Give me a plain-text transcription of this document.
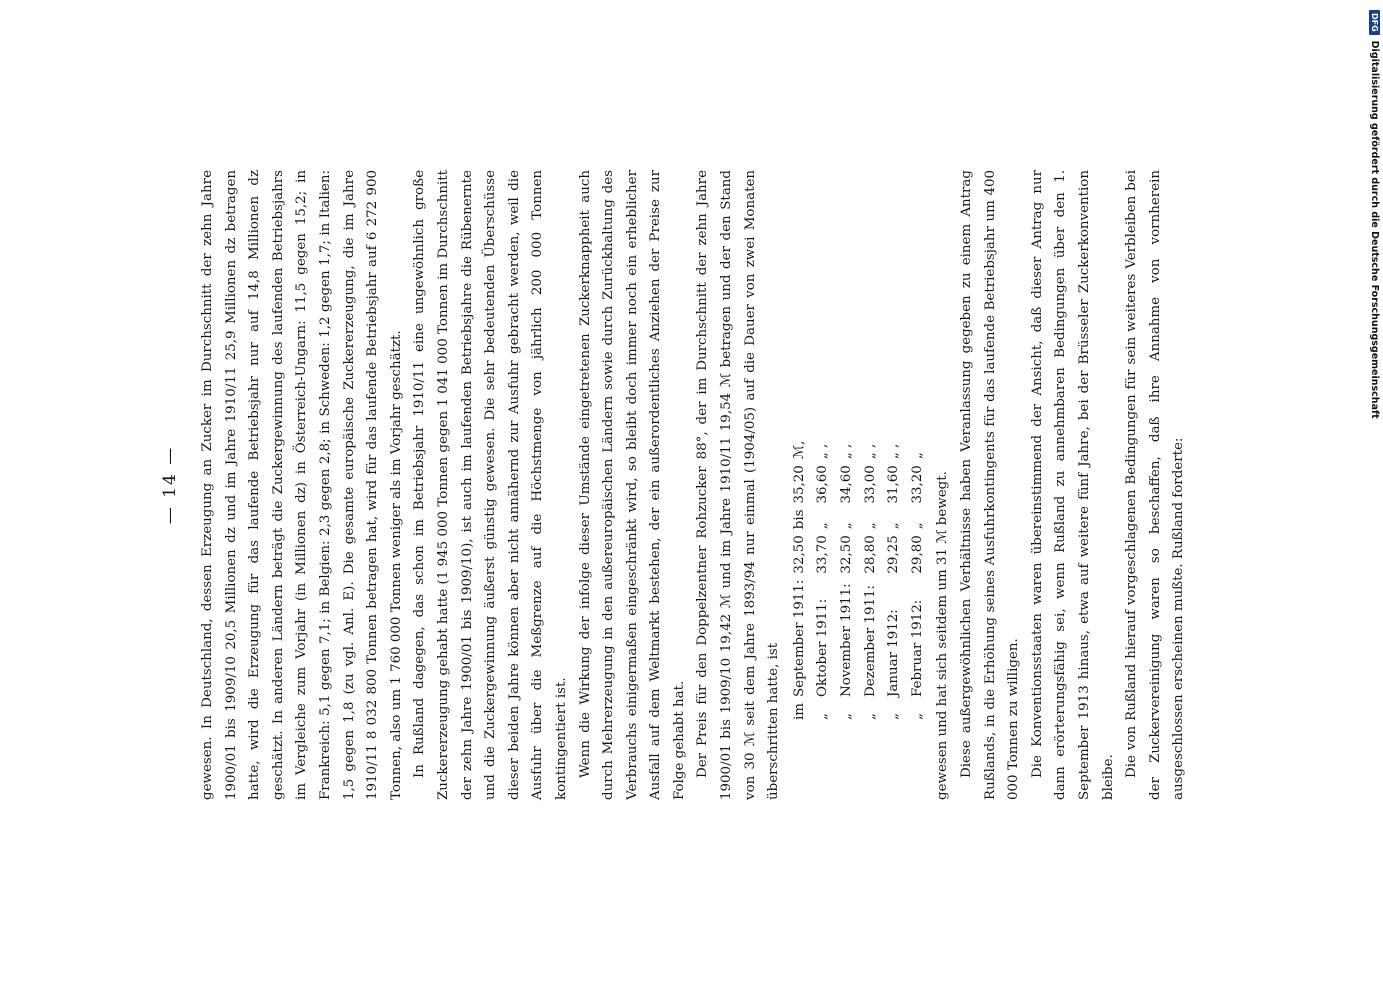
— 14 — gewesen. In Deutschland, dessen Erzeugung an Zucker im Durchschnitt der zehn Jahre 1900/01 bis 1909/10 20,5 Millionen dz und im Jahre 1910/11 25,9 Millionen dz betragen hatte, wird die Erzeugung für das laufende Betriebsjahr nur auf 14,8 Millionen dz geschätzt. In anderen Ländern beträgt die Zuckergewinnung des laufenden Betriebsjahrs im Vergleiche zum Vorjahr (in Millionen dz) in Österreich-Ungarn: 11,5 gegen 15,2; in Frankreich: 5,1 gegen 7,1; in Belgien: 2,3 gegen 2,8; in Schweden: 1,2 gegen 1,7; in Italien: 1,5 gegen 1,8 (zu vgl. Anl. E). Die gesamte europäische Zuckererzeugung, die im Jahre 1910/11 8 032 800 Tonnen betragen hat, wird für das laufende Betriebsjahr auf 6 272 900 Tonnen, also um 1 760 000 Tonnen weniger als im Vorjahr geschätzt. In Rußland dagegen, das schon im Betriebsjahr 1910/11 eine ungewöhnlich große Zuckererzeugung gehabt hatte (1 945 000 Tonnen gegen 1 041 000 Tonnen im Durchschnitt der zehn Jahre 1900/01 bis 1909/10), ist auch im laufenden Betriebsjahre die Rübenernte und die Zuckergewinnung äußerst günstig gewesen. Die sehr bedeutenden Überschüsse dieser beiden Jahre können aber nicht annähernd zur Ausfuhr gebracht werden, weil die Ausfuhr über die Meßgrenze auf die Höchstmenge von jährlich 200 000 Tonnen kontingentiert ist. Wenn die Wirkung der infolge dieser Umstände eingetretenen Zuckerknappheit auch durch Mehrerzeugung in den außereuropäischen Ländern sowie durch Zurückhaltung des Verbrauchs einigermaßen eingeschränkt wird, so bleibt doch immer noch ein erheblicher Ausfall auf dem Weltmarkt bestehen, der ein außerordentliches Anziehen der Preise zur Folge gehabt hat. Der Preis für den Doppelzentner Rohzucker 88°, der im Durchschnitt der zehn Jahre 1900/01 bis 1909/10 19,42 ℳ und im Jahre 1910/11 19,54 ℳ betragen und der den Stand von 30 ℳ seit dem Jahre 1893/94 nur einmal (1904/05) auf die Dauer von zwei Monaten überschritten hatte, ist im	September 1911:	32,50	bis	35,20	ℳ,
„	Oktober 1911:	33,70	„	36,60	„ ,
„	November 1911:	32,50	„	34,60	„ ,
„	Dezember 1911:	28,80	„	33,00	„ ,
„	Januar 1912:	29,25	„	31,60	„ ,
„	Februar 1912:	29,80	„	33,20	„

gewesen und hat sich seitdem um 31 ℳ bewegt. Diese außergewöhnlichen Verhältnisse haben Veranlassung gegeben zu einem Antrag Rußlands, in die Erhöhung seines Ausfuhrkontingents für das laufende Betriebsjahr um 400 000 Tonnen zu willigen. Die Konventionsstaaten waren übereinstimmend der Ansicht, daß dieser Antrag nur dann erörterungsfähig sei, wenn Rußland zu annehmbaren Bedingungen über den 1. September 1913 hinaus, etwa auf weitere fünf Jahre, bei der Brüsseler Zuckerkonvention bleibe. Die von Rußland hierauf vorgeschlagenen Bedingungen für sein weiteres Verbleiben bei der Zuckervereinigung waren so beschaffen, daß ihre Annahme von vornherein ausgeschlossen erscheinen mußte. Rußland forderte:

DFGDigitalisierung gefördert durch die Deutsche Forschungsgemeinschaft
